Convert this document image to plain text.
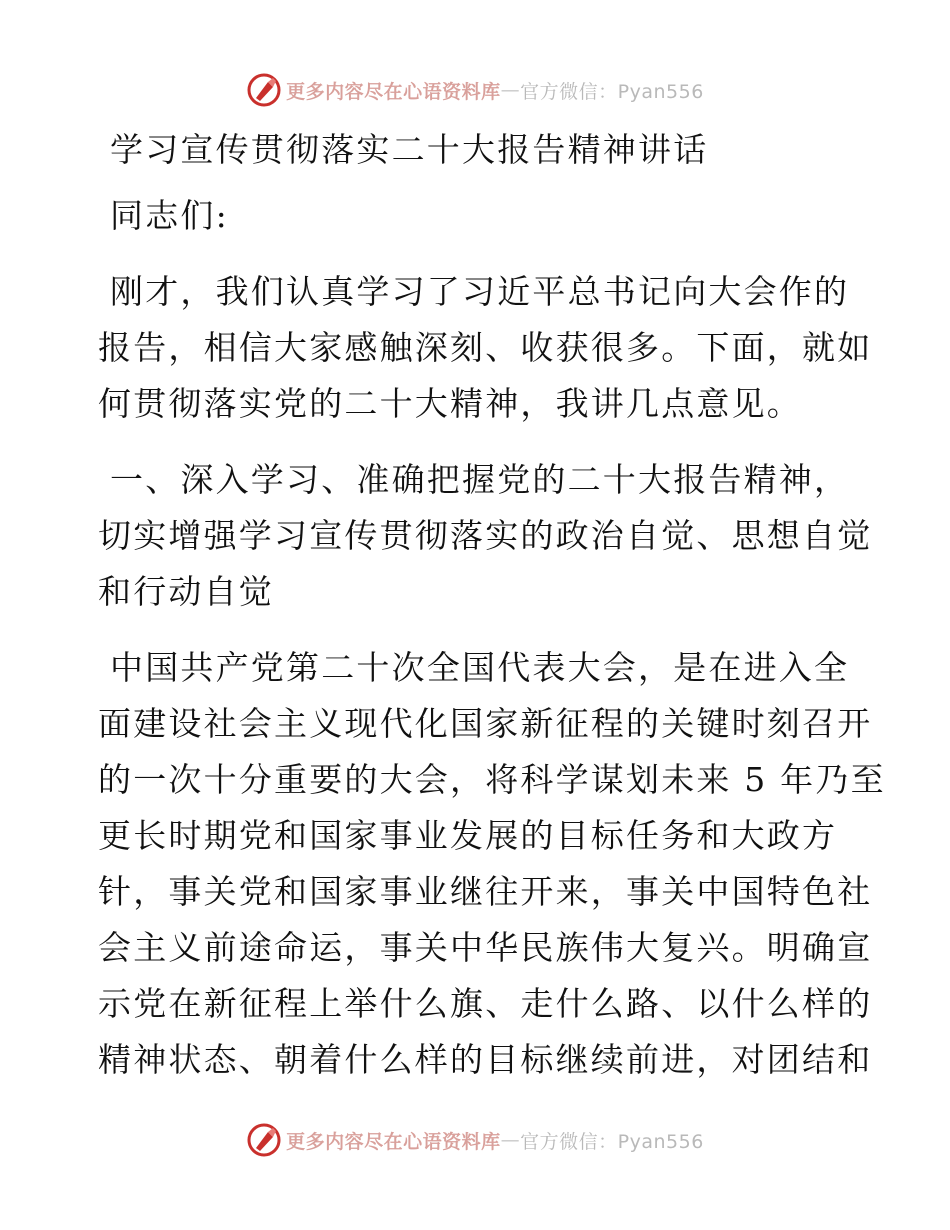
更多内容尽在心语资料库 — 官方微信：Pyan556
学习宣传贯彻落实二十大报告精神讲话
同志们:
刚才，我们认真学习了习近平总书记向大会作的
报告，相信大家感触深刻、收获很多。下面，就如
何贯彻落实党的二十大精神，我讲几点意见。
一、深入学习、准确把握党的二十大报告精神，
切实增强学习宣传贯彻落实的政治自觉、思想自觉
和行动自觉
中国共产党第二十次全国代表大会，是在进入全
面建设社会主义现代化国家新征程的关键时刻召开
的一次十分重要的大会，将科学谋划未来 5 年乃至
更长时期党和国家事业发展的目标任务和大政方
针，事关党和国家事业继往开来，事关中国特色社
会主义前途命运，事关中华民族伟大复兴。明确宣
示党在新征程上举什么旗、走什么路、以什么样的
精神状态、朝着什么样的目标继续前进，对团结和
更多内容尽在心语资料库 — 官方微信：Pyan556
